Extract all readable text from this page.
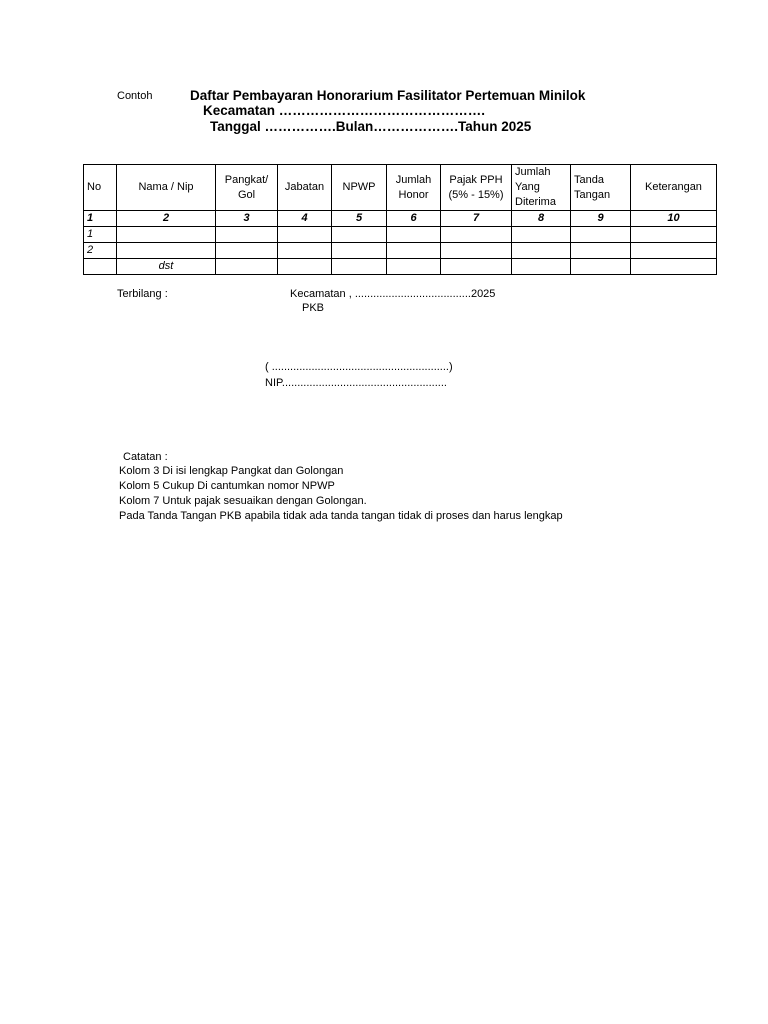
Contoh	Daftar Pembayaran Honorarium Fasilitator Pertemuan Minilok
Kecamatan ……………………………………….
Tanggal …………….Bulan……………….Tahun 2025
No	Nama / Nip	Pangkat/ Gol	Jabatan	NPWP	Jumlah Honor	Pajak PPH (5% - 15%)	Jumlah Yang Diterima	Tanda Tangan	Keterangan
1	2	3	4	5	6	7	8	9	10
1									
2									
	dst								
Terbilang :	Kecamatan , ......................................2025
PKB
( ..........................................................)
NIP......................................................
Catatan :
Kolom 3 Di isi lengkap Pangkat dan Golongan
Kolom 5 Cukup Di cantumkan nomor NPWP
Kolom 7 Untuk pajak sesuaikan dengan Golongan.
Pada Tanda Tangan PKB apabila tidak ada tanda tangan tidak di proses dan harus lengkap
